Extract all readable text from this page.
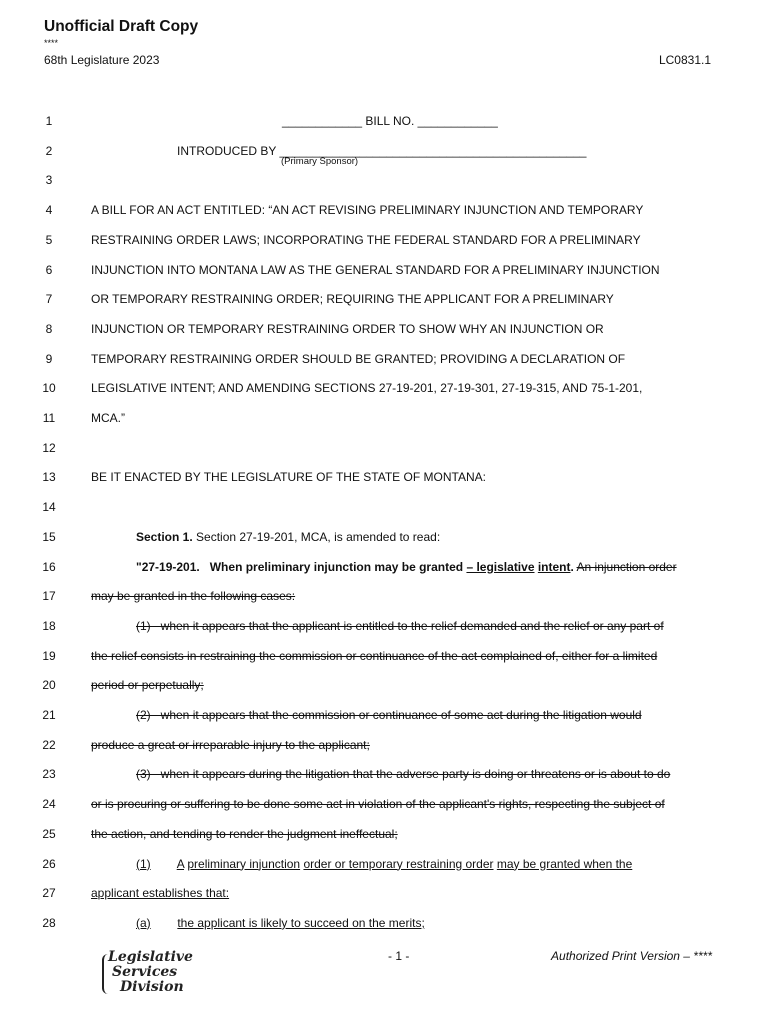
Unofficial Draft Copy
****
68th Legislature 2023	LC0831.1
1	____________ BILL NO. ____________
2	INTRODUCED BY ______________________________________________
3
4	A BILL FOR AN ACT ENTITLED: “AN ACT REVISING PRELIMINARY INJUNCTION AND TEMPORARY
5	RESTRAINING ORDER LAWS; INCORPORATING THE FEDERAL STANDARD FOR A PRELIMINARY
6	INJUNCTION INTO MONTANA LAW AS THE GENERAL STANDARD FOR A PRELIMINARY INJUNCTION
7	OR TEMPORARY RESTRAINING ORDER; REQUIRING THE APPLICANT FOR A PRELIMINARY
8	INJUNCTION OR TEMPORARY RESTRAINING ORDER TO SHOW WHY AN INJUNCTION OR
9	TEMPORARY RESTRAINING ORDER SHOULD BE GRANTED; PROVIDING A DECLARATION OF
10	LEGISLATIVE INTENT; AND AMENDING SECTIONS 27-19-201, 27-19-301, 27-19-315, AND 75-1-201,
11	MCA.”
12
13	BE IT ENACTED BY THE LEGISLATURE OF THE STATE OF MONTANA:
14
15	Section 1. Section 27-19-201, MCA, is amended to read:
16	"27-19-201.   When preliminary injunction may be granted – legislative intent. An injunction order
17	may be granted in the following cases:
18	(1)   when it appears that the applicant is entitled to the relief demanded and the relief or any part of
19	the relief consists in restraining the commission or continuance of the act complained of, either for a limited
20	period or perpetually;
21	(2)   when it appears that the commission or continuance of some act during the litigation would
22	produce a great or irreparable injury to the applicant;
23	(3)   when it appears during the litigation that the adverse party is doing or threatens or is about to do
24	or is procuring or suffering to be done some act in violation of the applicant's rights, respecting the subject of
25	the action, and tending to render the judgment ineffectual;
26	(1) A preliminary injunction order or temporary restraining order may be granted when the
27	applicant establishes that:
28	(a) the applicant is likely to succeed on the merits;
(Primary Sponsor)
Legislative
Services
Division
- 1 -	Authorized Print Version – ****
